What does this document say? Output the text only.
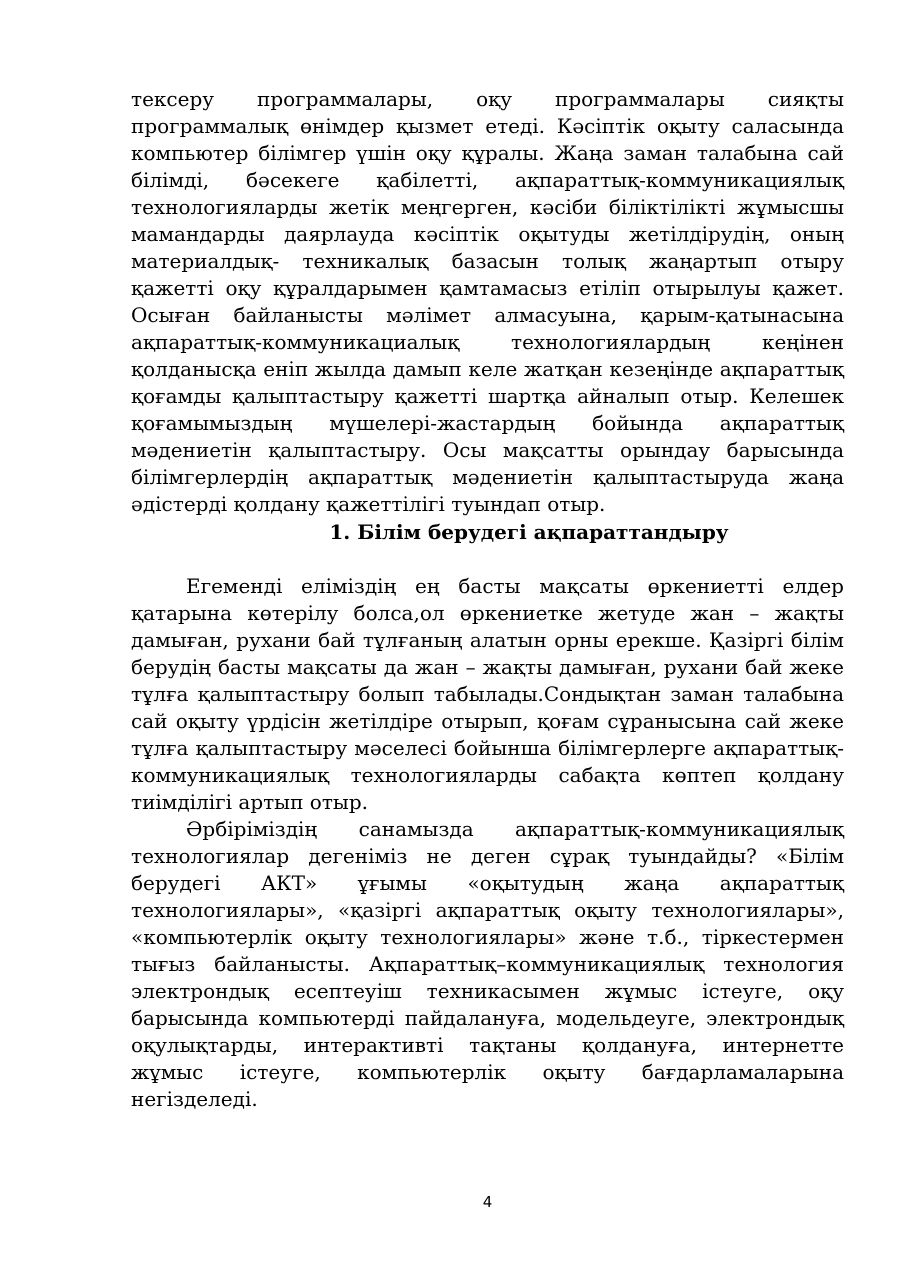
тексеру программалары, оқу программалары сияқты программалық өнімдер қызмет етеді. Кәсіптік оқыту саласында компьютер білімгер үшін оқу құралы. Жаңа заман талабына сай білімді, бәсекеге қабілетті, ақпараттық-коммуникациялық технологияларды жетік меңгерген, кәсіби біліктілікті жұмысшы мамандарды даярлауда кәсіптік оқытуды жетілдірудің, оның материалдық- техникалық базасын толық жаңартып отыру қажетті оқу құралдарымен қамтамасыз етіліп отырылуы қажет. Осыған байланысты мәлімет алмасуына, қарым-қатынасына ақпараттық-коммуникациалық технологиялардың кеңінен қолданысқа еніп жылда дамып келе жатқан кезеңінде ақпараттық қоғамды қалыптастыру қажетті шартқа айналып отыр. Келешек қоғамымыздың мүшелері-жастардың бойында ақпараттық мәдениетін қалыптастыру. Осы мақсатты орындау барысында білімгерлердің ақпараттық мәдениетін қалыптастыруда жаңа әдістерді қолдану қажеттілігі туындап отыр.

1. Білім берудегі ақпараттандыру

Егеменді еліміздің ең басты мақсаты өркениетті елдер қатарына көтерілу болса,ол өркениетке жетуде жан – жақты дамыған, рухани бай тұлғаның алатын орны ерекше. Қазіргі білім берудің басты мақсаты да жан – жақты дамыған, рухани бай жеке тұлға қалыптастыру болып табылады.Сондықтан заман талабына сай оқыту үрдісін жетілдіре отырып, қоғам сұранысына сай жеке тұлға қалыптастыру мәселесі бойынша білімгерлерге ақпараттық-коммуникациялық технологияларды сабақта көптеп қолдану тиімділігі артып отыр.

Әрбіріміздің санамызда ақпараттық-коммуникациялық технологиялар дегеніміз не деген сұрақ туындайды? «Білім берудегі АКТ» ұғымы «оқытудың жаңа ақпараттық технологиялары», «қазіргі ақпараттық оқыту технологиялары», «компьютерлік оқыту технологиялары» және т.б., тіркестермен тығыз байланысты. Ақпараттық–коммуникациялық технология электрондық есептеуіш техникасымен жұмыс істеуге, оқу барысында компьютерді пайдалануға, модельдеуге, электрондық оқулықтарды, интерактивті тақтаны қолдануға, интернетте жұмыс істеуге, компьютерлік оқыту бағдарламаларына негізделеді.

4
